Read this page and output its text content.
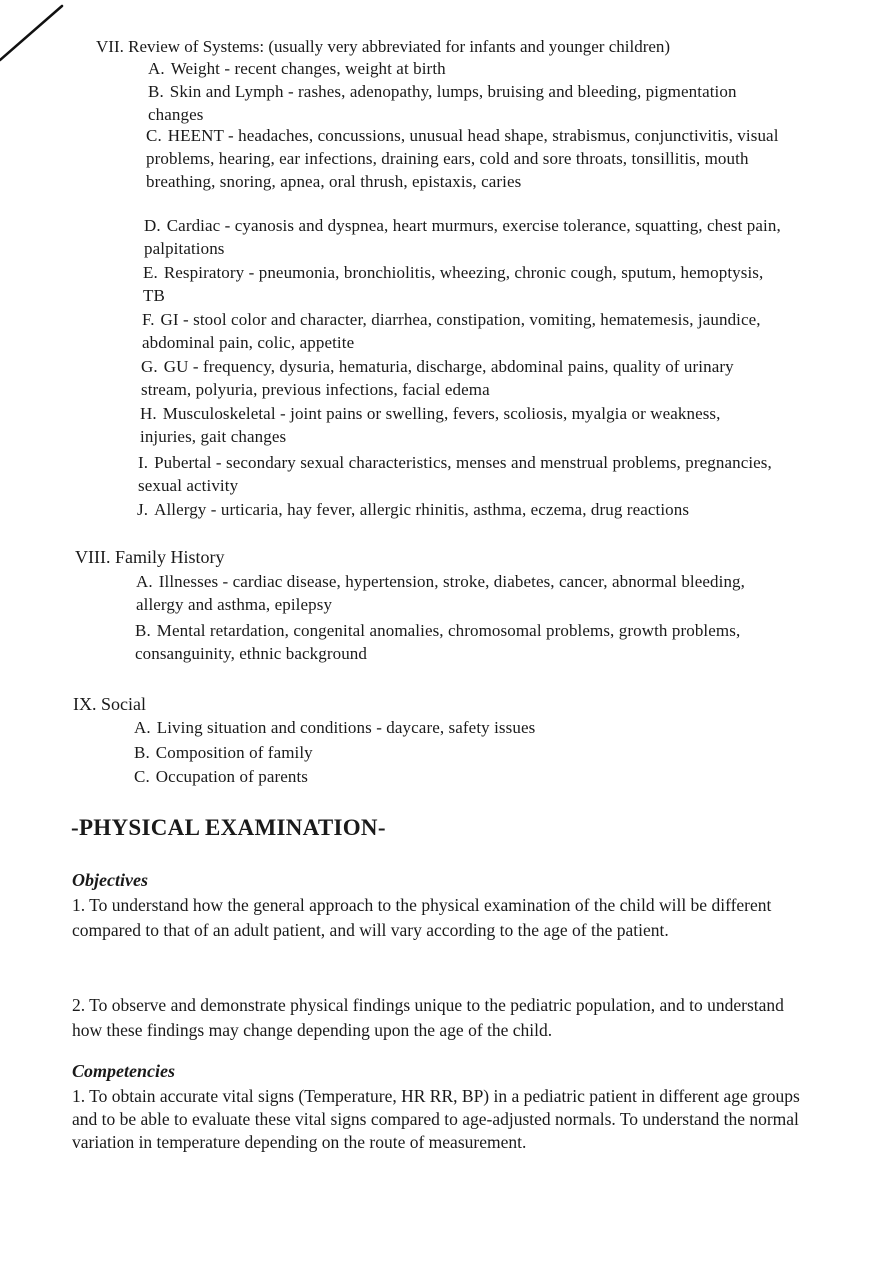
VII. Review of Systems: (usually very abbreviated for infants and younger children)
A. Weight - recent changes, weight at birth
B. Skin and Lymph - rashes, adenopathy, lumps, bruising and bleeding, pigmentation changes
C. HEENT - headaches, concussions, unusual head shape, strabismus, conjunctivitis, visual problems, hearing, ear infections, draining ears, cold and sore throats, tonsillitis, mouth breathing, snoring, apnea, oral thrush, epistaxis, caries
D. Cardiac - cyanosis and dyspnea, heart murmurs, exercise tolerance, squatting, chest pain, palpitations
E. Respiratory - pneumonia, bronchiolitis, wheezing, chronic cough, sputum, hemoptysis, TB
F. GI - stool color and character, diarrhea, constipation, vomiting, hematemesis, jaundice, abdominal pain, colic, appetite
G. GU - frequency, dysuria, hematuria, discharge, abdominal pains, quality of urinary stream, polyuria, previous infections, facial edema
H. Musculoskeletal - joint pains or swelling, fevers, scoliosis, myalgia or weakness, injuries, gait changes
I. Pubertal - secondary sexual characteristics, menses and menstrual problems, pregnancies, sexual activity
J. Allergy - urticaria, hay fever, allergic rhinitis, asthma, eczema, drug reactions
VIII. Family History
A. Illnesses - cardiac disease, hypertension, stroke, diabetes, cancer, abnormal bleeding, allergy and asthma, epilepsy
B. Mental retardation, congenital anomalies, chromosomal problems, growth problems, consanguinity, ethnic background
IX. Social
A. Living situation and conditions - daycare, safety issues
B. Composition of family
C. Occupation of parents
-PHYSICAL EXAMINATION-
Objectives
1. To understand how the general approach to the physical examination of the child will be different compared to that of an adult patient, and will vary according to the age of the patient.
2. To observe and demonstrate physical findings unique to the pediatric population, and to understand how these findings may change depending upon the age of the child.
Competencies
1. To obtain accurate vital signs (Temperature, HR RR, BP) in a pediatric patient in different age groups and to be able to evaluate these vital signs compared to age-adjusted normals. To understand the normal variation in temperature depending on the route of measurement.
